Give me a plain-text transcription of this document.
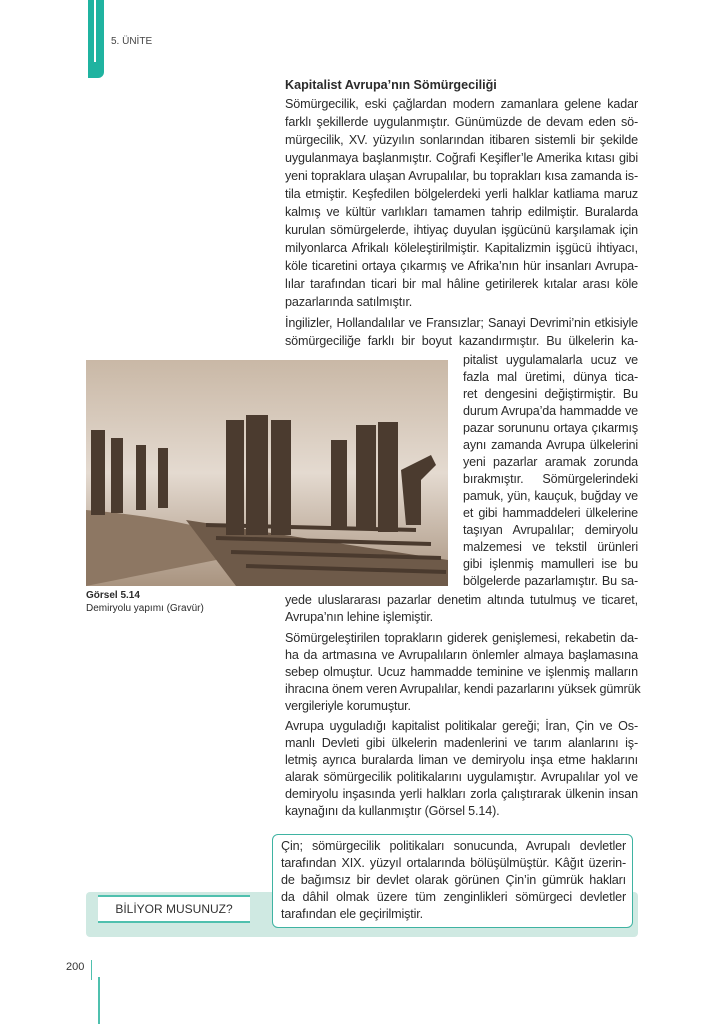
5. ÜNİTE
Kapitalist Avrupa’nın Sömürgeciliği
Sömürgecilik, eski çağlardan modern zamanlara gelene kadar
farklı şekillerde uygulanmıştır. Günümüzde de devam eden sö-
mürgecilik, XV. yüzyılın sonlarından itibaren sistemli bir şekilde
uygulanmaya başlanmıştır. Coğrafi Keşifler’le Amerika kıtası gibi
yeni topraklara ulaşan Avrupalılar, bu toprakları kısa zamanda is-
tila etmiştir. Keşfedilen bölgelerdeki yerli halklar katliama maruz
kalmış ve kültür varlıkları tamamen tahrip edilmiştir. Buralarda
kurulan sömürgelerde, ihtiyaç duyulan işgücünü karşılamak için
milyonlarca Afrikalı köleleştirilmiştir. Kapitalizmin işgücü ihtiyacı,
köle ticaretini ortaya çıkarmış ve Afrika’nın hür insanları Avrupa-
lılar tarafından ticari bir mal hâline getirilerek kıtalar arası köle
pazarlarında satılmıştır.
İngilizler, Hollandalılar ve Fransızlar; Sanayi Devrimi’nin etkisiyle
sömürgeciliğe farklı bir boyut kazandırmıştır. Bu ülkelerin ka-
pitalist uygulamalarla ucuz ve
fazla mal üretimi, dünya tica-
ret dengesini değiştirmiştir. Bu
durum Avrupa’da hammadde ve
pazar sorununu ortaya çıkarmış
aynı zamanda Avrupa ülkelerini
yeni pazarlar aramak zorunda
bırakmıştır. Sömürgelerindeki
pamuk, yün, kauçuk, buğday ve
et gibi hammaddeleri ülkelerine
taşıyan Avrupalılar; demiryolu
malzemesi ve tekstil ürünleri
gibi işlenmiş mamulleri ise bu
bölgelerde pazarlamıştır. Bu sa-
yede uluslararası pazarlar denetim altında tutulmuş ve ticaret,
Avrupa’nın lehine işlemiştir.
Sömürgeleştirilen toprakların giderek genişlemesi, rekabetin da-
ha da artmasına ve Avrupalıların önlemler almaya başlamasına
sebep olmuştur. Ucuz hammadde teminine ve işlenmiş malların
ihracına önem veren Avrupalılar, kendi pazarlarını yüksek gümrük
vergileriyle korumuştur.
Avrupa uyguladığı kapitalist politikalar gereği; İran, Çin ve Os-
manlı Devleti gibi ülkelerin madenlerini ve tarım alanlarını iş-
letmiş ayrıca buralarda liman ve demiryolu inşa etme haklarını
alarak sömürgecilik politikalarını uygulamıştır. Avrupalılar yol ve
demiryolu inşasında yerli halkları zorla çalıştırarak ülkenin insan
kaynağını da kullanmıştır (Görsel 5.14).
Görsel 5.14
Demiryolu yapımı (Gravür)
BİLİYOR MUSUNUZ?
Çin; sömürgecilik politikaları sonucunda, Avrupalı devletler
tarafından XIX. yüzyıl ortalarında bölüşülmüştür. Kâğıt üzerin-
de bağımsız bir devlet olarak görünen Çin’in gümrük hakları
da dâhil olmak üzere tüm zenginlikleri sömürgeci devletler
tarafından ele geçirilmiştir.
200
